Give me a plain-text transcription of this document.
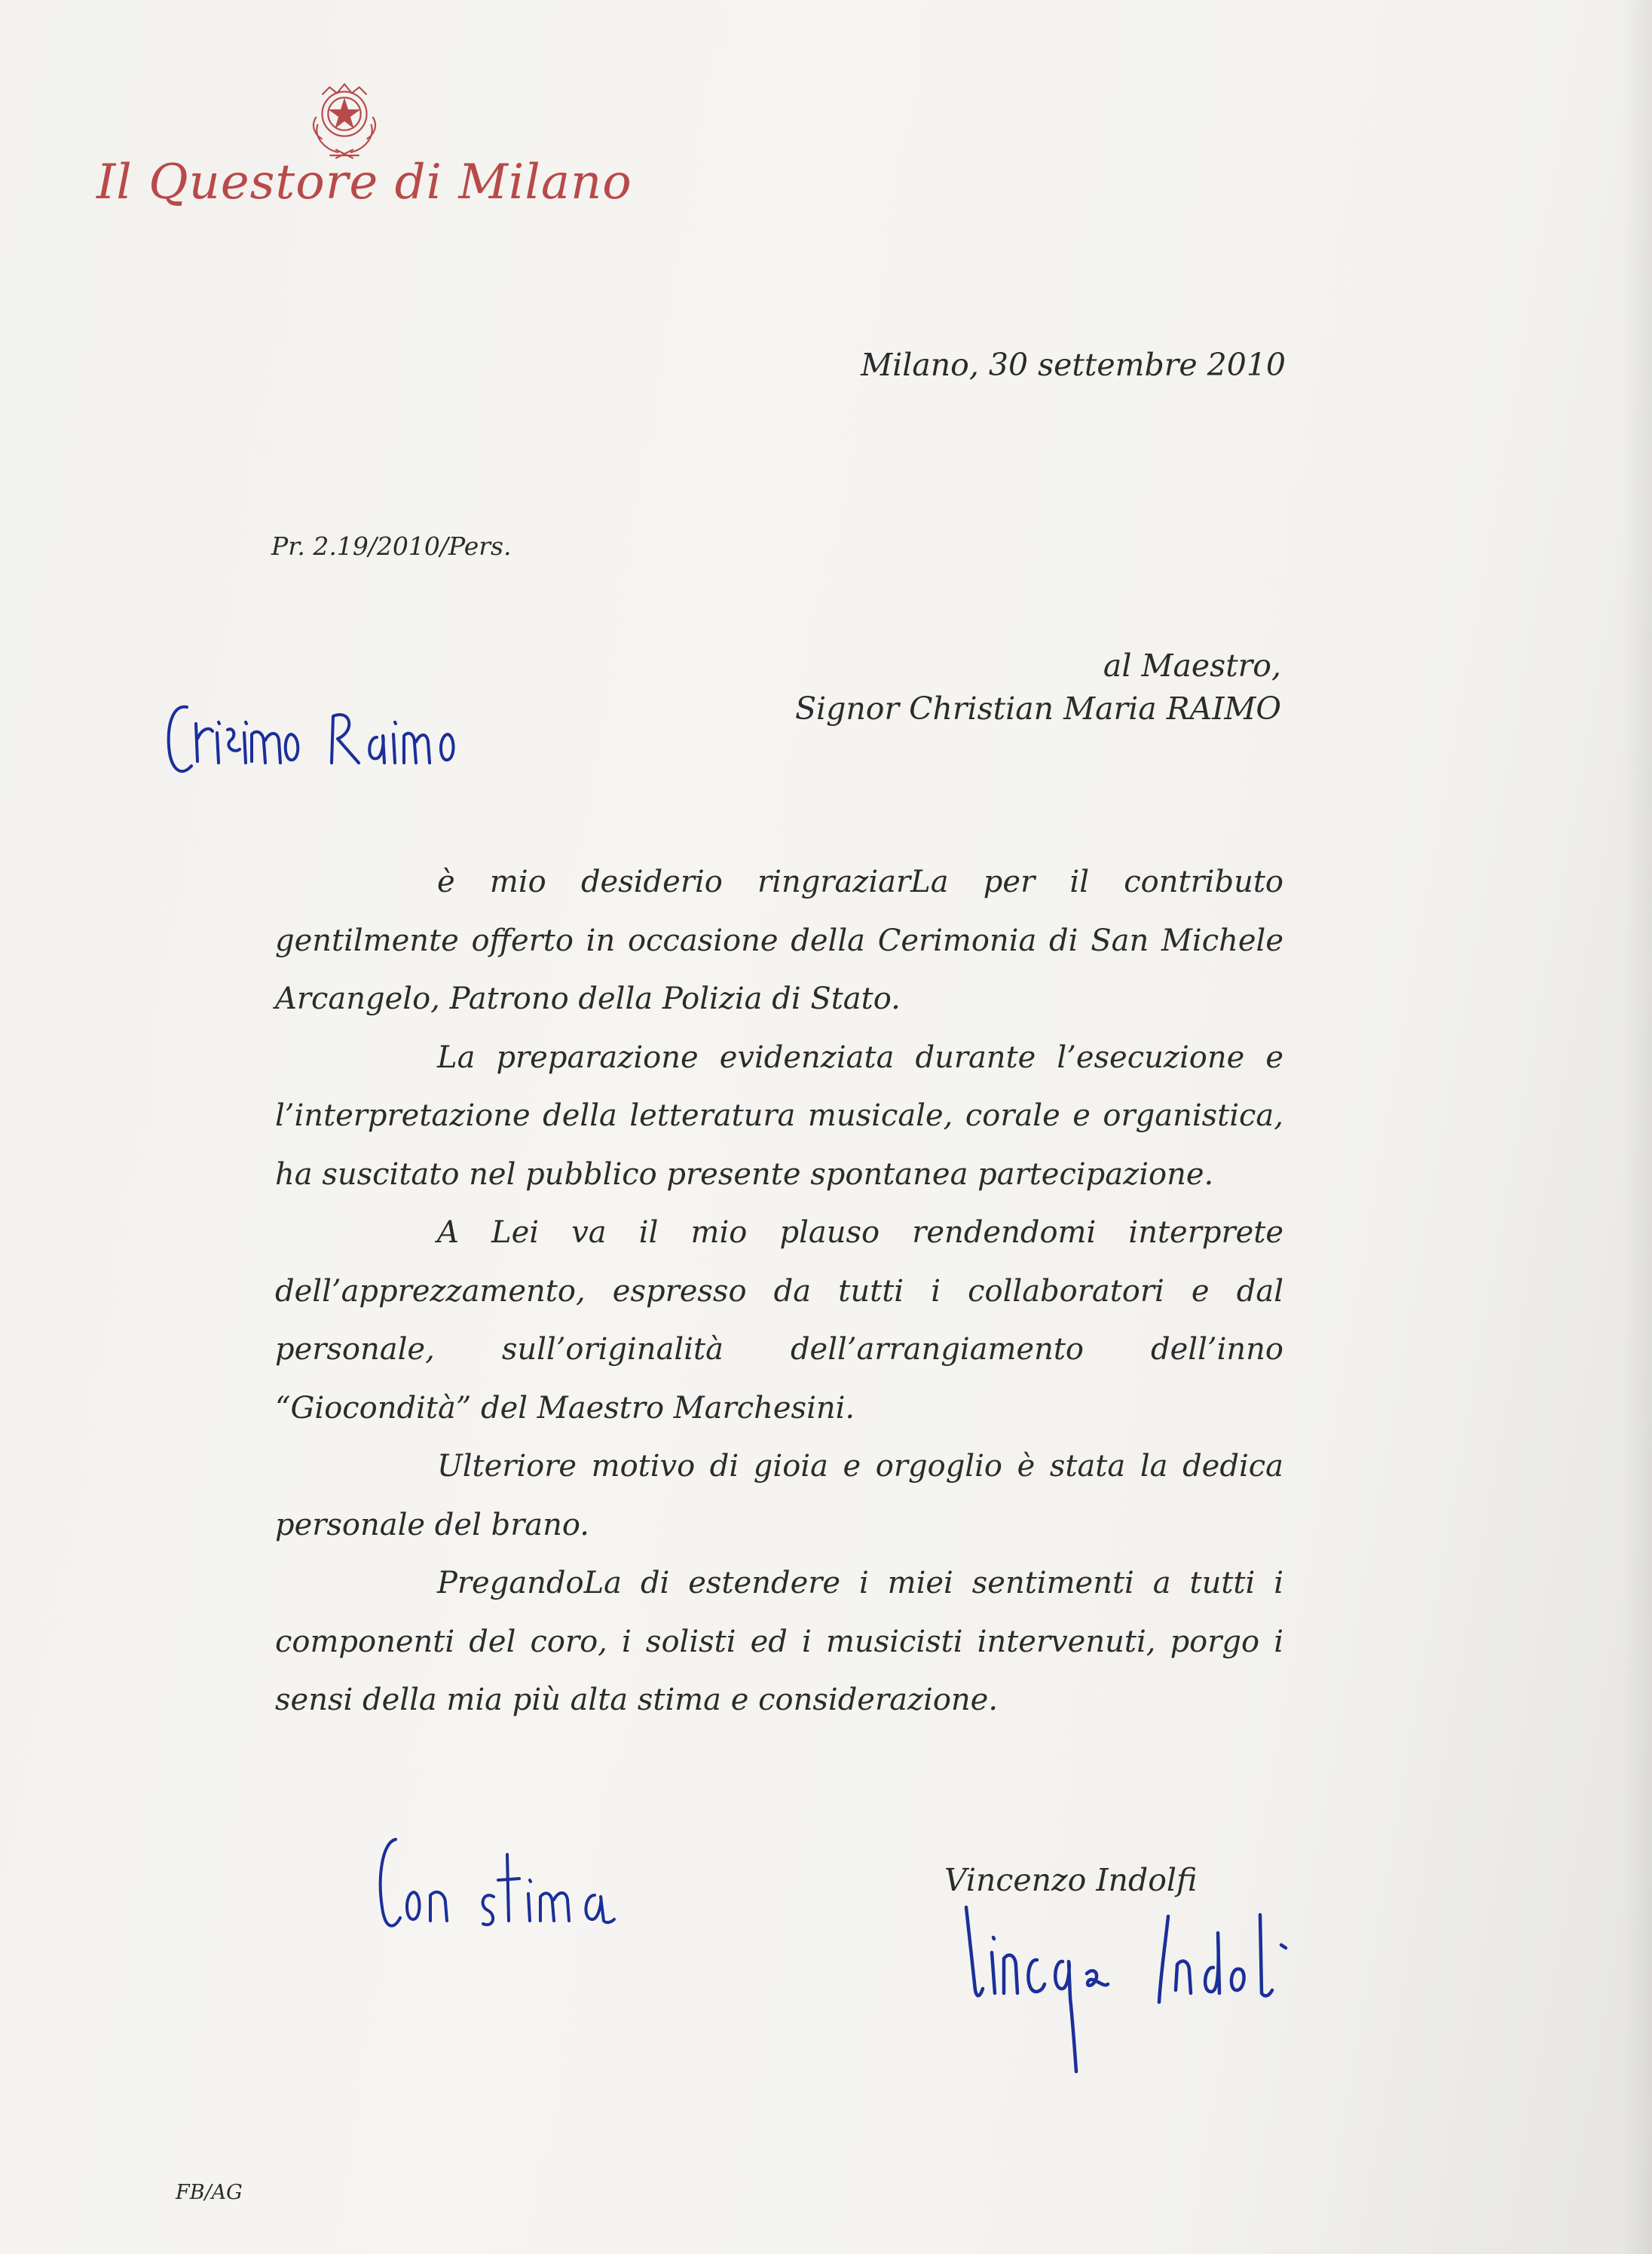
Il Questore di Milano
Milano, 30 settembre 2010
Pr. 2.19/2010/Pers.
al Maestro,
Signor Christian Maria RAIMO

è mio desiderio ringraziarLa per il contributo gentilmente offerto in occasione della Cerimonia di San Michele Arcangelo, Patrono della Polizia di Stato.

La preparazione evidenziata durante l’esecuzione e l’interpretazione della letteratura musicale, corale e organistica, ha suscitato nel pubblico presente spontanea partecipazione.

A Lei va il mio plauso rendendomi interprete dell’apprezzamento, espresso da tutti i collaboratori e dal personale, sull’originalità dell’arrangiamento dell’inno “Giocondità” del Maestro Marchesini.

Ulteriore motivo di gioia e orgoglio è stata la dedica personale del brano.

PregandoLa di estendere i miei sentimenti a tutti i componenti del coro, i solisti ed i musicisti intervenuti, porgo i sensi della mia più alta stima e considerazione.

Vincenzo Indolfi
FB/AG
